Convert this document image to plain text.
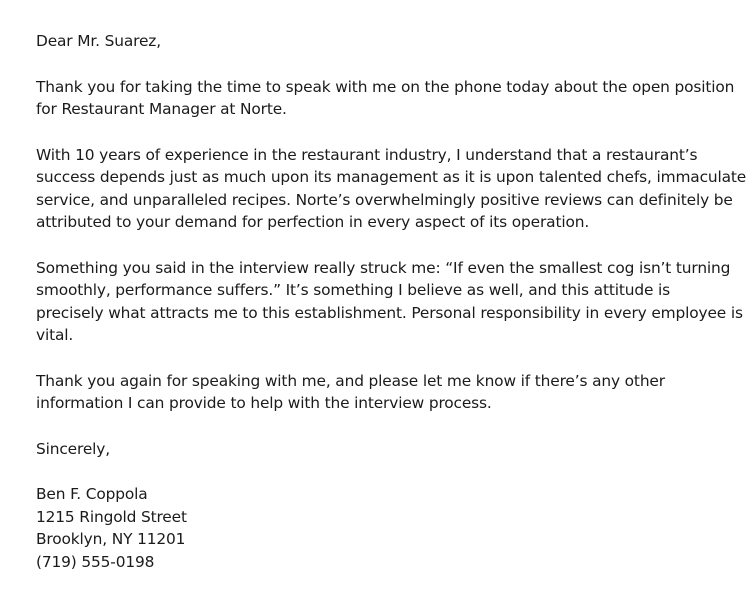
Dear Mr. Suarez,

Thank you for taking the time to speak with me on the phone today about the open position
for Restaurant Manager at Norte.

With 10 years of experience in the restaurant industry, I understand that a restaurant’s
success depends just as much upon its management as it is upon talented chefs, immaculate
service, and unparalleled recipes. Norte’s overwhelmingly positive reviews can definitely be
attributed to your demand for perfection in every aspect of its operation.

Something you said in the interview really struck me: “If even the smallest cog isn’t turning
smoothly, performance suffers.” It’s something I believe as well, and this attitude is
precisely what attracts me to this establishment. Personal responsibility in every employee is
vital.

Thank you again for speaking with me, and please let me know if there’s any other
information I can provide to help with the interview process.

Sincerely,

Ben F. Coppola
1215 Ringold Street
Brooklyn, NY 11201
(719) 555-0198
